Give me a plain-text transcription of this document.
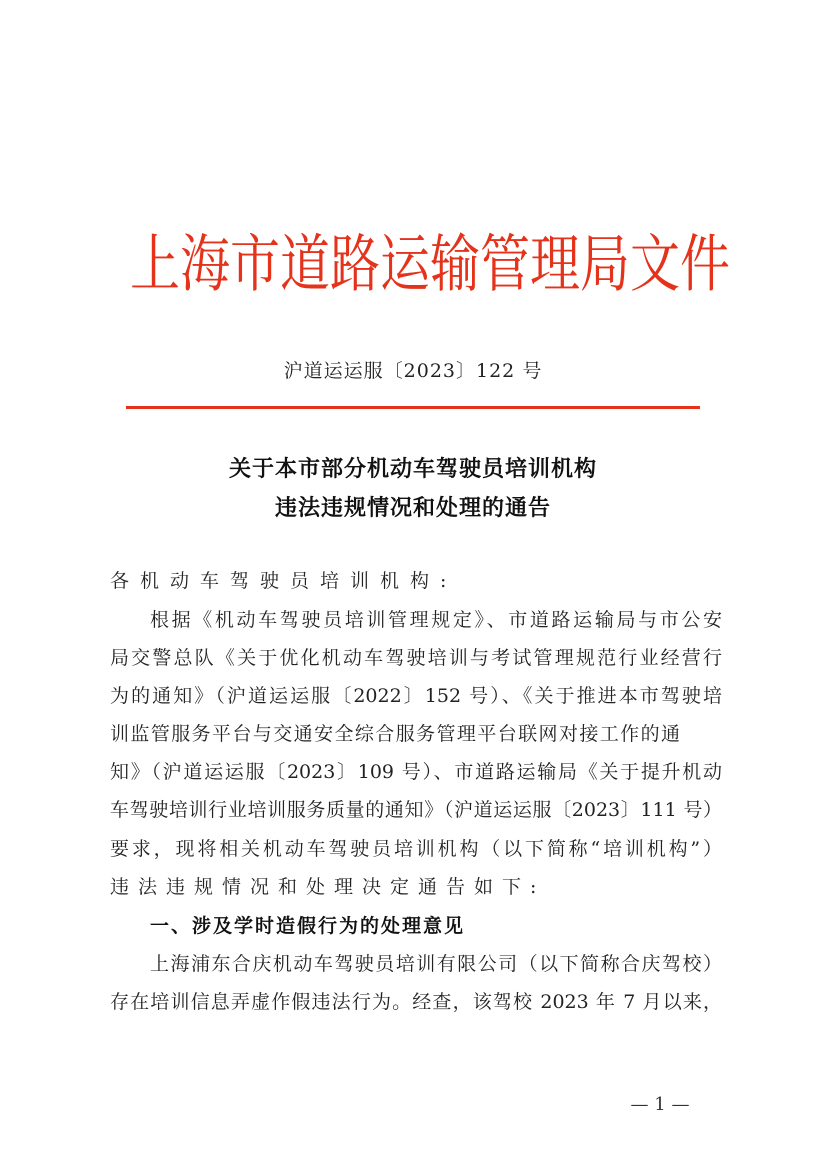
上海市道路运输管理局文件
沪道运运服〔2023〕122 号
关于本市部分机动车驾驶员培训机构
违法违规情况和处理的通告
各机动车驾驶员培训机构:
根据《机动车驾驶员培训管理规定》、市道路运输局与市公安
局交警总队《关于优化机动车驾驶培训与考试管理规范行业经营行
为的通知》（沪道运运服〔2022〕152 号）、《关于推进本市驾驶培
训监管服务平台与交通安全综合服务管理平台联网对接工作的通
知》（沪道运运服〔2023〕109 号）、市道路运输局《关于提升机动
车驾驶培训行业培训服务质量的通知》（沪道运运服〔2023〕111 号）
要求，现将相关机动车驾驶员培训机构（以下简称“培训机构”）
违法违规情况和处理决定通告如下:
一、涉及学时造假行为的处理意见
上海浦东合庆机动车驾驶员培训有限公司（以下简称合庆驾校）
存在培训信息弄虚作假违法行为。经查，该驾校 2023 年 7 月以来，
— 1 —
